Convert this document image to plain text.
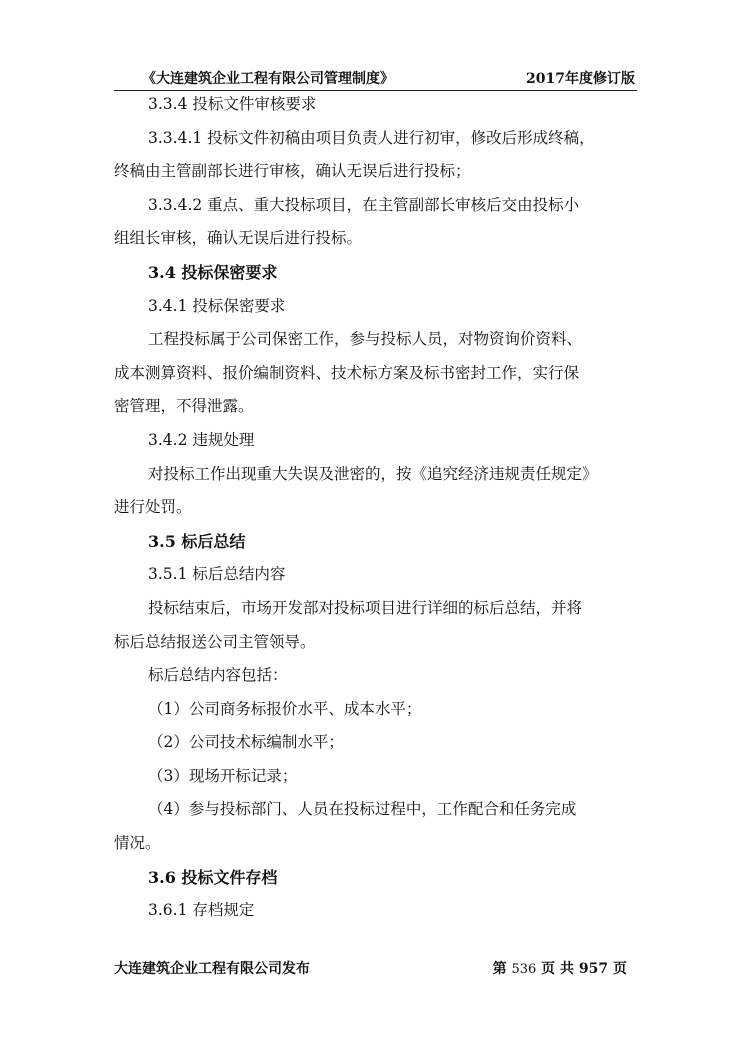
《大连建筑企业工程有限公司管理制度》	2017年度修订版

3.3.4 投标文件审核要求

3.3.4.1 投标文件初稿由项目负责人进行初审，修改后形成终稿，

终稿由主管副部长进行审核，确认无误后进行投标；

3.3.4.2 重点、重大投标项目，在主管副部长审核后交由投标小

组组长审核，确认无误后进行投标。

3.4 投标保密要求

3.4.1 投标保密要求

工程投标属于公司保密工作，参与投标人员，对物资询价资料、

成本测算资料、报价编制资料、技术标方案及标书密封工作，实行保

密管理，不得泄露。

3.4.2 违规处理

对投标工作出现重大失误及泄密的，按《追究经济违规责任规定》

进行处罚。

3.5 标后总结

3.5.1 标后总结内容

投标结束后，市场开发部对投标项目进行详细的标后总结，并将

标后总结报送公司主管领导。

标后总结内容包括：

（1）公司商务标报价水平、成本水平；

（2）公司技术标编制水平；

（3）现场开标记录；

（4）参与投标部门、人员在投标过程中，工作配合和任务完成

情况。

3.6 投标文件存档

3.6.1 存档规定

大连建筑企业工程有限公司发布	第 536 页 共 957 页
